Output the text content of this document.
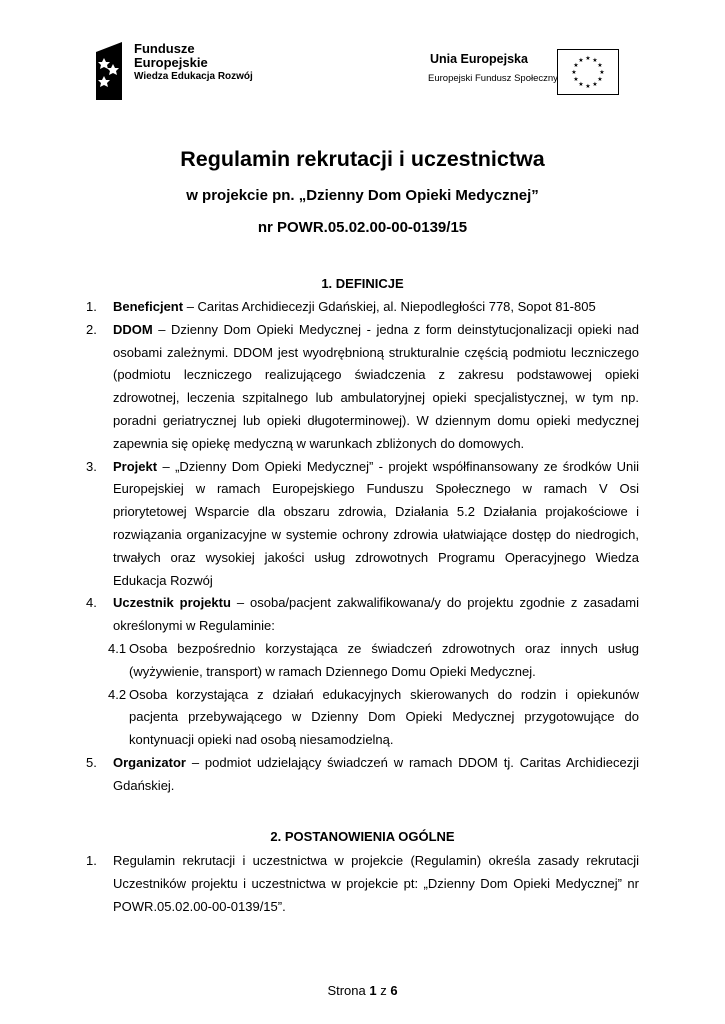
Fundusze
Europejskie
Wiedza Edukacja Rozwój
Unia Europejska
Europejski Fundusz Społeczny
★ ★
★
★
★
★
★
★
★
★
★
★
Regulamin rekrutacji i uczestnictwa
w projekcie pn. „Dzienny Dom Opieki Medycznej”
nr POWR.05.02.00-00-0139/15
1. DEFINICJE
1. Beneficjent – Caritas Archidiecezji Gdańskiej, al. Niepodległości 778, Sopot 81-805
2. DDOM – Dzienny Dom Opieki Medycznej - jedna z form deinstytucjonalizacji opieki nad osobami zależnymi. DDOM jest wyodrębnioną strukturalnie częścią podmiotu leczniczego (podmiotu leczniczego realizującego świadczenia z zakresu podstawowej opieki zdrowotnej, leczenia szpitalnego lub ambulatoryjnej opieki specjalistycznej, w tym np. poradni geriatrycznej lub opieki długoterminowej). W dziennym domu opieki medycznej zapewnia się opiekę medyczną w warunkach zbliżonych do domowych.
3. Projekt – „Dzienny Dom Opieki Medycznej” - projekt współfinansowany ze środków Unii Europejskiej w ramach Europejskiego Funduszu Społecznego w ramach V Osi priorytetowej Wsparcie dla obszaru zdrowia, Działania 5.2 Działania projakościowe i rozwiązania organizacyjne w systemie ochrony zdrowia ułatwiające dostęp do niedrogich, trwałych oraz wysokiej jakości usług zdrowotnych Programu Operacyjnego Wiedza Edukacja Rozwój
4. Uczestnik projektu – osoba/pacjent zakwalifikowana/y do projektu zgodnie z zasadami określonymi w Regulaminie:
4.1 Osoba bezpośrednio korzystająca ze świadczeń zdrowotnych oraz innych usług (wyżywienie, transport) w ramach Dziennego Domu Opieki Medycznej.
4.2 Osoba korzystająca z działań edukacyjnych skierowanych do rodzin i opiekunów pacjenta przebywającego w Dzienny Dom Opieki Medycznej przygotowujące do kontynuacji opieki nad osobą niesamodzielną.
5. Organizator – podmiot udzielający świadczeń w ramach DDOM tj. Caritas Archidiecezji Gdańskiej.
2. POSTANOWIENIA OGÓLNE
1. Regulamin rekrutacji i uczestnictwa w projekcie (Regulamin) określa zasady rekrutacji Uczestników projektu i uczestnictwa w projekcie pt: „Dzienny Dom Opieki Medycznej” nr POWR.05.02.00-00-0139/15”.
Strona 1 z 6
